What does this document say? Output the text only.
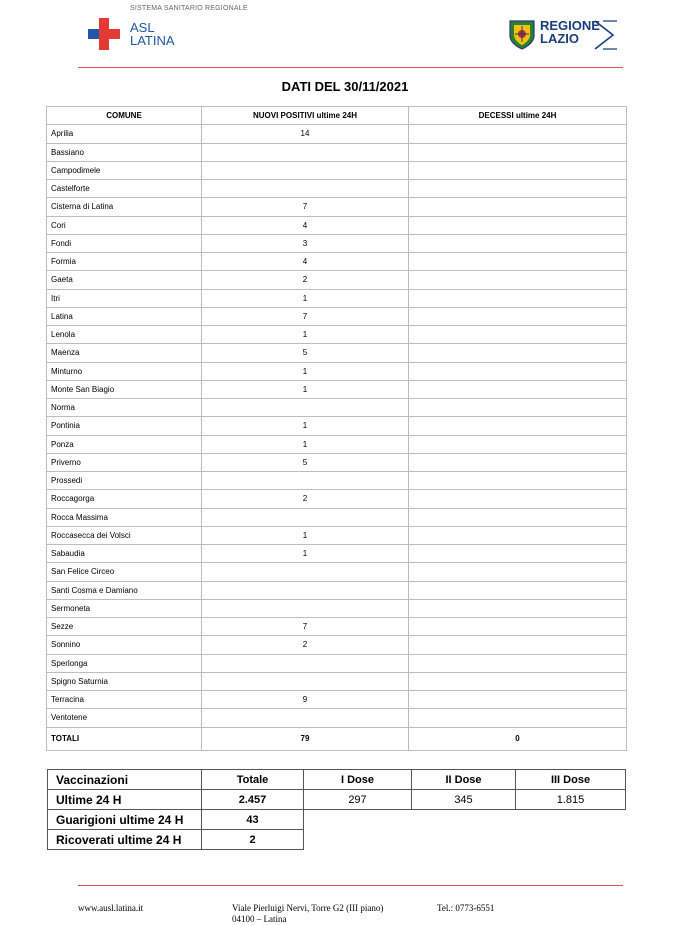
SISTEMA SANITARIO REGIONALE
ASL
LATINA
REGIONE
LAZIO
DATI DEL 30/11/2021
COMUNE	NUOVI POSITIVI ultime 24H	DECESSI ultime 24H
Aprilia	14	
Bassiano		
Campodimele		
Castelforte		
Cisterna di Latina	7	
Cori	4	
Fondi	3	
Formia	4	
Gaeta	2	
Itri	1	
Latina	7	
Lenola	1	
Maenza	5	
Minturno	1	
Monte San Biagio	1	
Norma		
Pontinia	1	
Ponza	1	
Priverno	5	
Prossedi		
Roccagorga	2	
Rocca Massima		
Roccasecca dei Volsci	1	
Sabaudia	1	
San Felice Circeo		
Santi Cosma e Damiano		
Sermoneta		
Sezze	7	
Sonnino	2	
Sperlonga		
Spigno Saturnia		
Terracina	9	
Ventotene		
TOTALI	79	0
Vaccinazioni	Totale	I Dose	II Dose	III Dose
Ultime 24 H	2.457	297	345	1.815
Guarigioni ultime 24 H	43			
Ricoverati ultime 24 H	2			
www.ausl.latina.it	Viale Pierluigi Nervi, Torre G2 (III piano)
04100 – Latina
Tel.: 0773-6551
